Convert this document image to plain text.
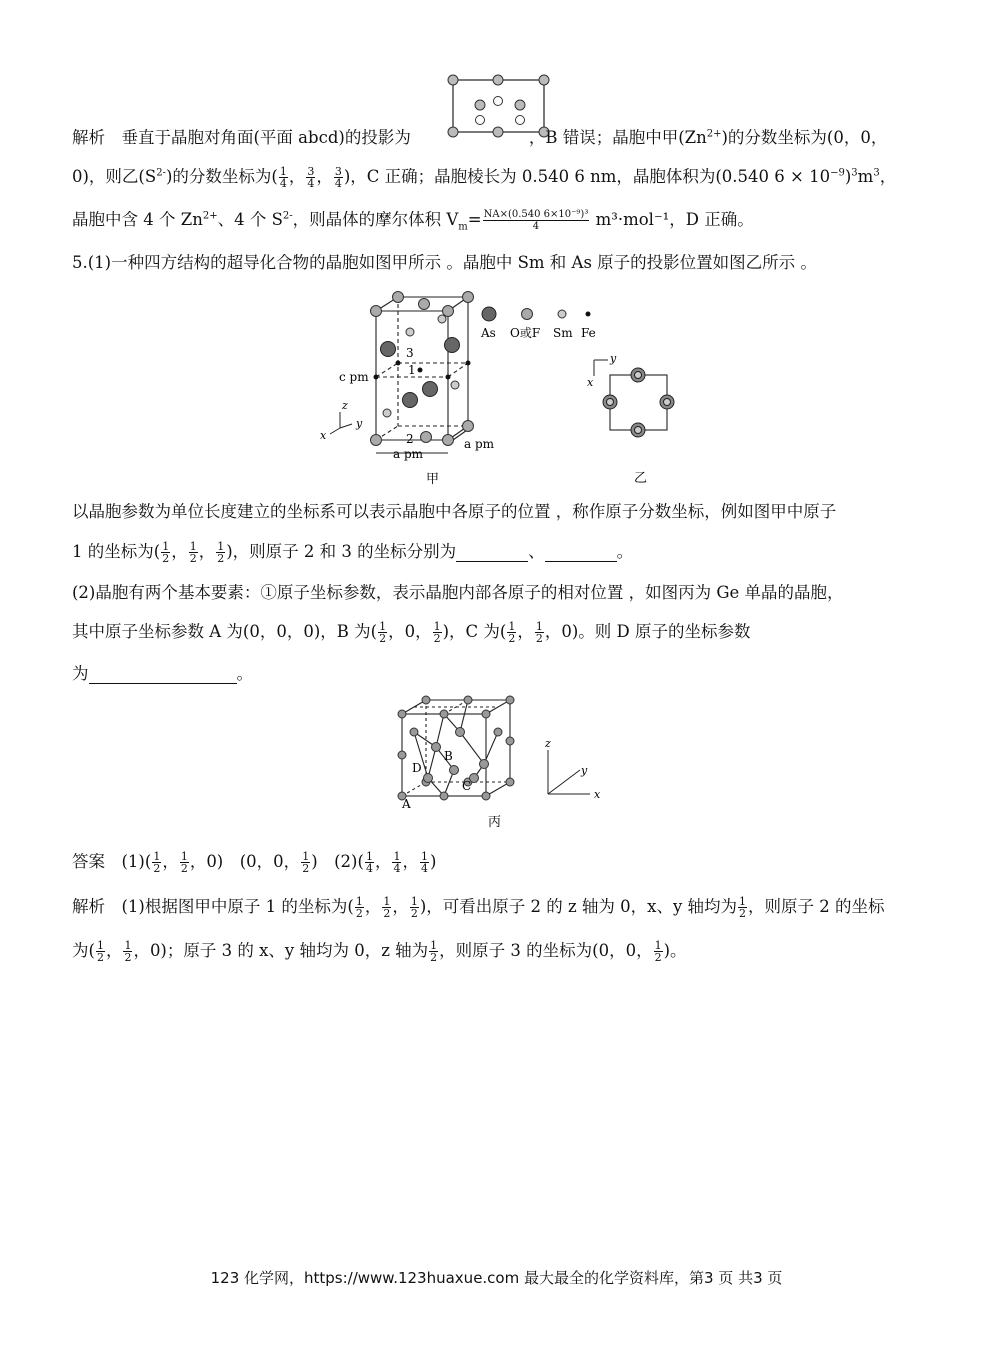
解析　垂直于晶胞对角面(平面 abcd)的投影为	，B 错误；晶胞中甲$(Zn^{2+})$的分数坐标为(0，0，
0)，则乙$(S^{2-})$的分数坐标为( $\frac{1}{4}$ ， $\frac{3}{4}$ ， $\frac{3}{4}$ )，C 正确；晶胞棱长为 0.540 6 nm，晶胞体积为(0.540 $6 \times 10^{-9})^3m^3$，
晶胞中含 4 个 $Zn^{2+}$、4 个 $S^{2-}$，则晶体的摩尔体积 $V_m= \frac{\text{NA×(0.540 6×10⁻⁹)³}}{4} m^3\cdot mol^{-1}$，D 正确。
5.(1)一种四方结构的超导化合物的晶胞如图甲所示 。晶胞中 Sm 和 As 原子的投影位置如图乙所示 。
3
1
2
c pm
a pm
a pm
z
y
x
As O或F Sm Fe
甲
y
x
乙
以晶胞参数为单位长度建立的坐标系可以表示晶胞中各原子的位置 ，称作原子分数坐标，例如图甲中原子
1 的坐标为( $\frac{1}{2}$ ， $\frac{1}{2}$ ， $\frac{1}{2}$ )，则原子 2 和 3 的坐标分别为	、	。
(2)晶胞有两个基本要素：①原子坐标参数，表示晶胞内部各原子的相对位置 ，如图丙为 Ge 单晶的晶胞，
其中原子坐标参数 A 为(0，0，0)，B 为( $\frac{1}{2}$ ，0， $\frac{1}{2}$ )，C 为( $\frac{1}{2}$ ， $\frac{1}{2}$ ，0)。则 D 原子的坐标参数
为	。
B
D
C
A
z
y
x
丙
答案　$(1)( \frac{1}{2}$ ， $\frac{1}{2}$ ，0)　(0，0， $\frac{1}{2}$ )　$(2)( \frac{1}{4}$ ， $\frac{1}{4}$ ， $\frac{1}{4}$ )
解析　(1)根据图甲中原子 1 的坐标为( $\frac{1}{2}$ ， $\frac{1}{2}$ ， $\frac{1}{2}$ )，可看出原子 2 的 z 轴为 0，x、y 轴均为 $\frac{1}{2}$ ，则原子 2 的坐标
为( $\frac{1}{2}$ ， $\frac{1}{2}$ ，0)；原子 3 的 x、y 轴均为 0，z 轴为 $\frac{1}{2}$ ，则原子 3 的坐标为(0，0， $\frac{1}{2}$ )。
123 化学网，https://www.123huaxue.com 最大最全的化学资料库，第3 页 共3 页
